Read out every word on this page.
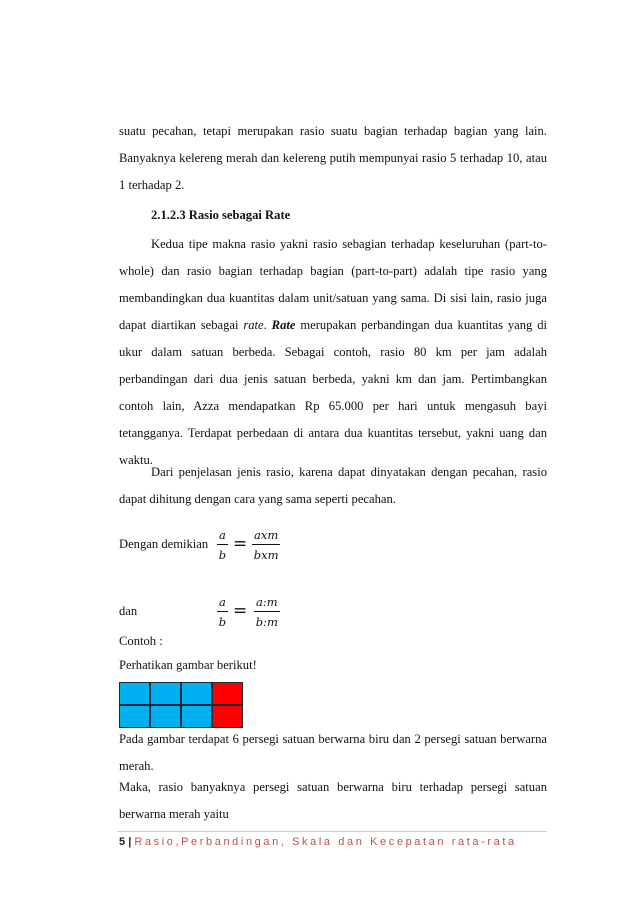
suatu pecahan, tetapi merupakan rasio suatu bagian terhadap bagian yang lain. Banyaknya kelereng merah dan kelereng putih mempunyai rasio 5 terhadap 10, atau 1 terhadap 2.

2.1.2.3 Rasio sebagai Rate

Kedua tipe makna rasio yakni rasio sebagian terhadap keseluruhan (part-to-whole) dan rasio bagian terhadap bagian (part-to-part) adalah tipe rasio yang membandingkan dua kuantitas dalam unit/satuan yang sama. Di sisi lain, rasio juga dapat diartikan sebagai rate. Rate merupakan perbandingan dua kuantitas yang di ukur dalam satuan berbeda. Sebagai contoh, rasio 80 km per jam adalah perbandingan dari dua jenis satuan berbeda, yakni km dan jam. Pertimbangkan contoh lain, Azza mendapatkan Rp 65.000 per hari untuk mengasuh bayi tetangganya. Terdapat perbedaan di antara dua kuantitas tersebut, yakni uang dan waktu.

Dari penjelasan jenis rasio, karena dapat dinyatakan dengan pecahan, rasio dapat dihitung dengan cara yang sama seperti pecahan.

Dengan demikian $\frac{a}{b}$ = axm
bxm
dan	$\frac{a}{b} = \frac{a:m}{b:m}$
Contoh :
Perhatikan gambar berikut!

Pada gambar terdapat 6 persegi satuan berwarna biru dan 2 persegi satuan berwarna merah.

Maka, rasio banyaknya persegi satuan berwarna biru terhadap persegi satuan berwarna merah yaitu

5 | Rasio,Perbandingan, Skala dan Kecepatan rata-rata
